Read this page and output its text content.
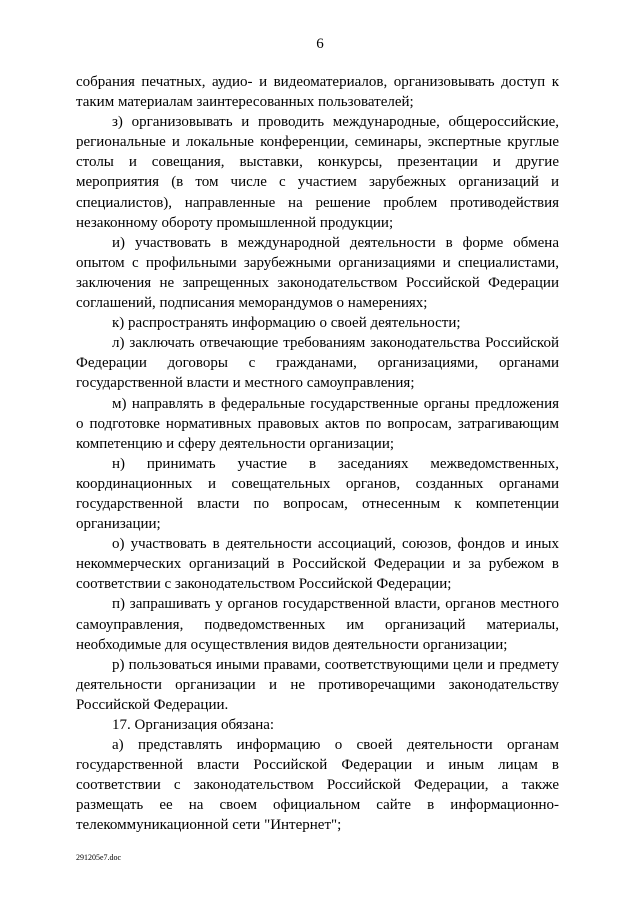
6

собрания печатных, аудио- и видеоматериалов, организовывать доступ к таким материалам заинтересованных пользователей;

з) организовывать и проводить международные, общероссийские, региональные и локальные конференции, семинары, экспертные круглые столы и совещания, выставки, конкурсы, презентации и другие мероприятия (в том числе с участием зарубежных организаций и специалистов), направленные на решение проблем противодействия незаконному обороту промышленной продукции;

и) участвовать в международной деятельности в форме обмена опытом с профильными зарубежными организациями и специалистами, заключения не запрещенных законодательством Российской Федерации соглашений, подписания меморандумов о намерениях;

к) распространять информацию о своей деятельности;

л) заключать отвечающие требованиям законодательства Российской Федерации договоры с гражданами, организациями, органами государственной власти и местного самоуправления;

м) направлять в федеральные государственные органы предложения о подготовке нормативных правовых актов по вопросам, затрагивающим компетенцию и сферу деятельности организации;

н) принимать участие в заседаниях межведомственных, координационных и совещательных органов, созданных органами государственной власти по вопросам, отнесенным к компетенции организации;

о) участвовать в деятельности ассоциаций, союзов, фондов и иных некоммерческих организаций в Российской Федерации и за рубежом в соответствии с законодательством Российской Федерации;

п) запрашивать у органов государственной власти, органов местного самоуправления, подведомственных им организаций материалы, необходимые для осуществления видов деятельности организации;

р) пользоваться иными правами, соответствующими цели и предмету деятельности организации и не противоречащими законодательству Российской Федерации.

17. Организация обязана:

а) представлять информацию о своей деятельности органам государственной власти Российской Федерации и иным лицам в соответствии с законодательством Российской Федерации, а также размещать ее на своем официальном сайте в информационно-телекоммуникационной сети "Интернет";

291205е7.doc
